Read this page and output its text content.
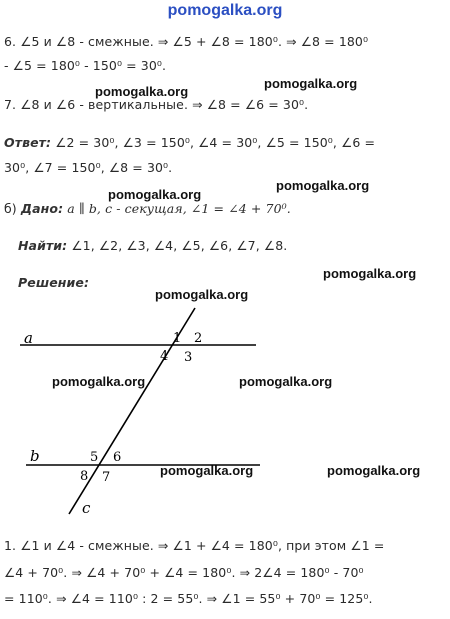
pomogalka.org
6. ∠5 и ∠8 - смежные. ⇒ ∠5 + ∠8 = 180⁰. ⇒ ∠8 = 180⁰
- ∠5 = 180⁰ - 150⁰ = 30⁰.
pomogalka.org
pomogalka.org
7. ∠8 и ∠6 - вертикальные. ⇒ ∠8 = ∠6 = 30⁰.
Ответ: ∠2 = 30⁰, ∠3 = 150⁰, ∠4 = 30⁰, ∠5 = 150⁰, ∠6 =
30⁰, ∠7 = 150⁰, ∠8 = 30⁰.
pomogalka.org
pomogalka.org
б) Дано: a ∥ b, c - секущая, ∠1 = ∠4 + 70⁰.
Найти: ∠1, ∠2, ∠3, ∠4, ∠5, ∠6, ∠7, ∠8.
pomogalka.org
Решение:
pomogalka.org
a
b
c
1 2
3
4
5 6
7
8
pomogalka.org	pomogalka.org
pomogalka.org	pomogalka.org
1. ∠1 и ∠4 - смежные. ⇒ ∠1 + ∠4 = 180⁰, при этом ∠1 =
∠4 + 70⁰. ⇒ ∠4 + 70⁰ + ∠4 = 180⁰. ⇒ 2∠4 = 180⁰ - 70⁰
= 110⁰. ⇒ ∠4 = 110⁰ : 2 = 55⁰. ⇒ ∠1 = 55⁰ + 70⁰ = 125⁰.
